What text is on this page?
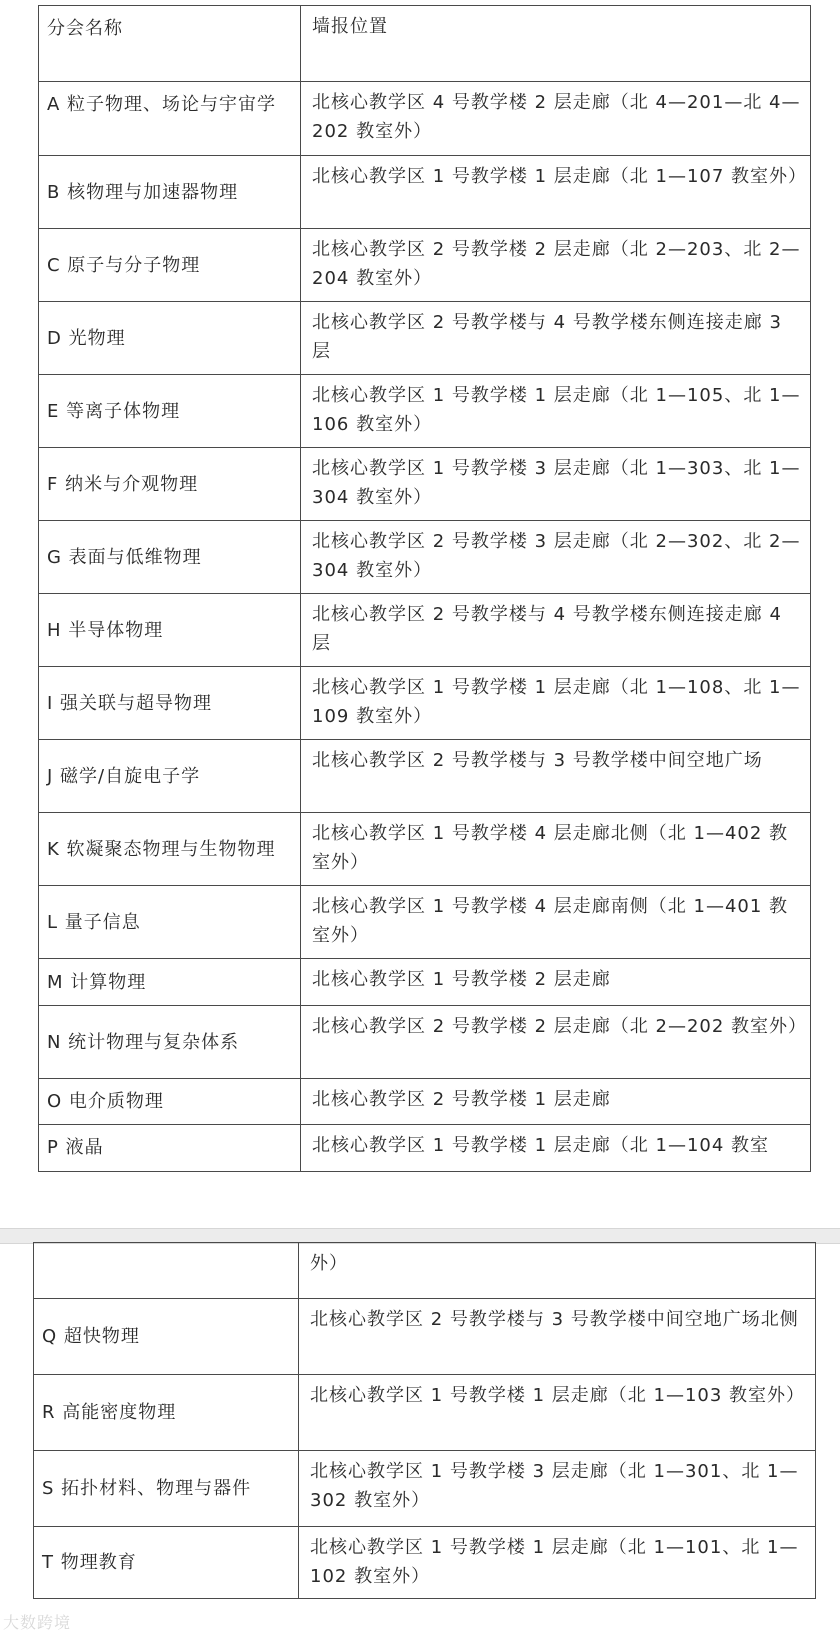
分会名称	墙报位置
A 粒子物理、场论与宇宙学	北核心教学区 4 号教学楼 2 层走廊（北 4—201—北 4—202 教室外）
B 核物理与加速器物理	北核心教学区 1 号教学楼 1 层走廊（北 1—107 教室外）
C 原子与分子物理	北核心教学区 2 号教学楼 2 层走廊（北 2—203、北 2—204 教室外）
D 光物理	北核心教学区 2 号教学楼与 4 号教学楼东侧连接走廊 3 层
E 等离子体物理	北核心教学区 1 号教学楼 1 层走廊（北 1—105、北 1—106 教室外）
F 纳米与介观物理	北核心教学区 1 号教学楼 3 层走廊（北 1—303、北 1—304 教室外）
G 表面与低维物理	北核心教学区 2 号教学楼 3 层走廊（北 2—302、北 2—304 教室外）
H 半导体物理	北核心教学区 2 号教学楼与 4 号教学楼东侧连接走廊 4 层
I 强关联与超导物理	北核心教学区 1 号教学楼 1 层走廊（北 1—108、北 1—109 教室外）
J 磁学/自旋电子学	北核心教学区 2 号教学楼与 3 号教学楼中间空地广场
K 软凝聚态物理与生物物理	北核心教学区 1 号教学楼 4 层走廊北侧（北 1—402 教室外）
L 量子信息	北核心教学区 1 号教学楼 4 层走廊南侧（北 1—401 教室外）
M 计算物理	北核心教学区 1 号教学楼 2 层走廊
N 统计物理与复杂体系	北核心教学区 2 号教学楼 2 层走廊（北 2—202 教室外）
O 电介质物理	北核心教学区 2 号教学楼 1 层走廊
P 液晶	北核心教学区 1 号教学楼 1 层走廊（北 1—104 教室
	外）
Q 超快物理	北核心教学区 2 号教学楼与 3 号教学楼中间空地广场北侧
R 高能密度物理	北核心教学区 1 号教学楼 1 层走廊（北 1—103 教室外）
S 拓扑材料、物理与器件	北核心教学区 1 号教学楼 3 层走廊（北 1—301、北 1—302 教室外）
T 物理教育	北核心教学区 1 号教学楼 1 层走廊（北 1—101、北 1—102 教室外）
大数跨境
